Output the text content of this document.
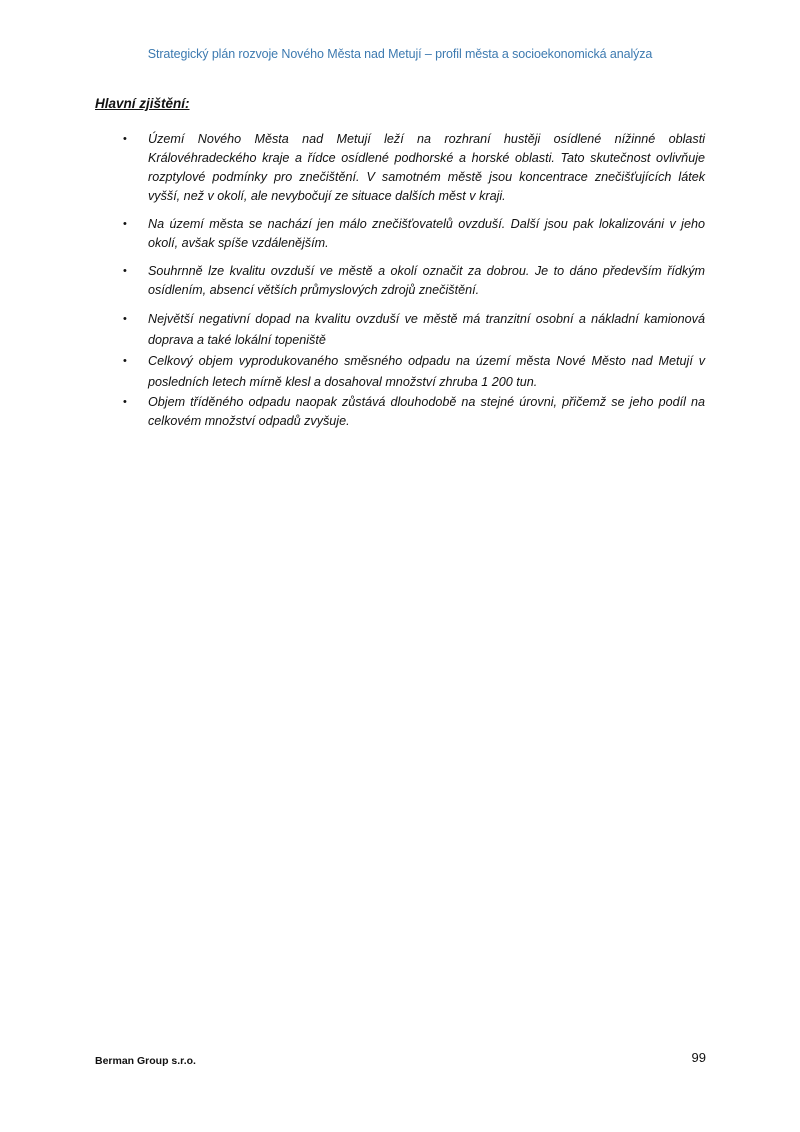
Strategický plán rozvoje Nového Města nad Metují – profil města a socioekonomická analýza
Hlavní zjištění:
• Území Nového Města nad Metují leží na rozhraní hustěji osídlené nížinné oblasti Královéhradeckého kraje a řídce osídlené podhorské a horské oblasti. Tato skutečnost ovlivňuje rozptylové podmínky pro znečištění. V samotném městě jsou koncentrace znečišťujících látek vyšší, než v okolí, ale nevybočují ze situace dalších měst v kraji.
• Na území města se nachází jen málo znečišťovatelů ovzduší. Další jsou pak lokalizováni v jeho okolí, avšak spíše vzdálenějším.
• Souhrnně lze kvalitu ovzduší ve městě a okolí označit za dobrou. Je to dáno především řídkým osídlením, absencí větších průmyslových zdrojů znečištění.
• Největší negativní dopad na kvalitu ovzduší ve městě má tranzitní osobní a nákladní kamionová doprava a také lokální topeniště
• Celkový objem vyprodukovaného směsného odpadu na území města Nové Město nad Metují v posledních letech mírně klesl a dosahoval množství zhruba 1 200 tun.
• Objem tříděného odpadu naopak zůstává dlouhodobě na stejné úrovni, přičemž se jeho podíl na celkovém množství odpadů zvyšuje.
Berman Group s.r.o.	99
